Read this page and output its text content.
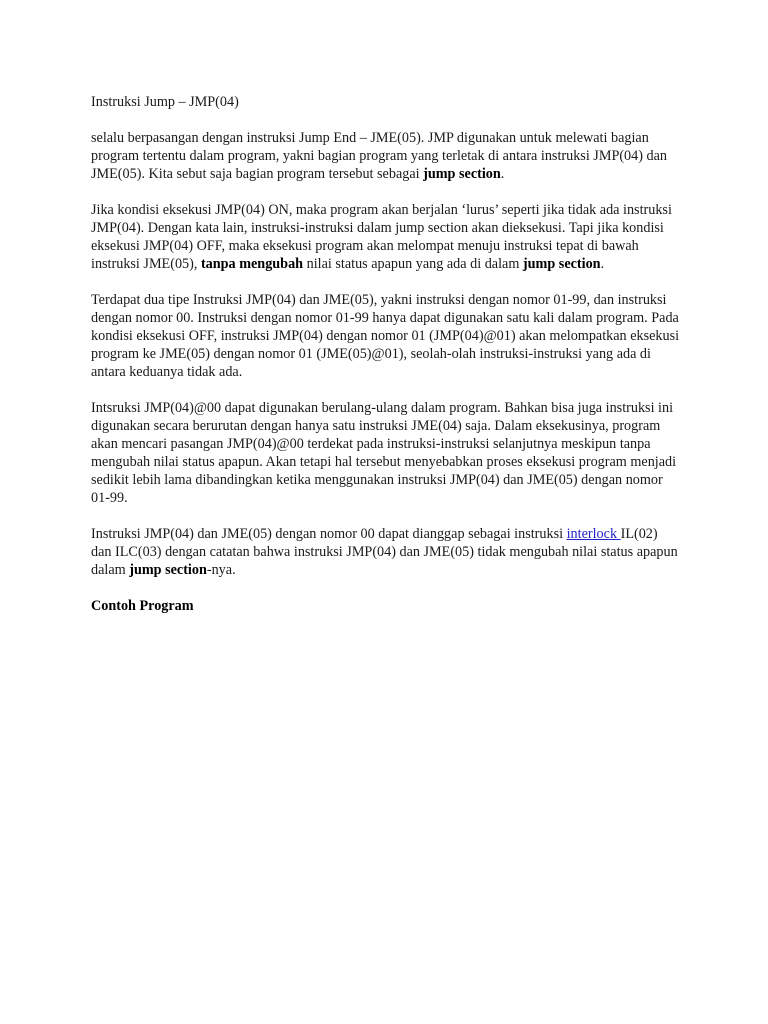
Instruksi Jump – JMP(04)

selalu berpasangan dengan instruksi Jump End – JME(05). JMP digunakan untuk melewati bagian program tertentu dalam program, yakni bagian program yang terletak di antara instruksi JMP(04) dan JME(05). Kita sebut saja bagian program tersebut sebagai jump section.

Jika kondisi eksekusi JMP(04) ON, maka program akan berjalan ‘lurus’ seperti jika tidak ada instruksi JMP(04). Dengan kata lain, instruksi-instruksi dalam jump section akan dieksekusi. Tapi jika kondisi eksekusi JMP(04) OFF, maka eksekusi program akan melompat menuju instruksi tepat di bawah instruksi JME(05), tanpa mengubah nilai status apapun yang ada di dalam jump section.

Terdapat dua tipe Instruksi JMP(04) dan JME(05), yakni instruksi dengan nomor 01-99, dan instruksi dengan nomor 00. Instruksi dengan nomor 01-99 hanya dapat digunakan satu kali dalam program. Pada kondisi eksekusi OFF, instruksi JMP(04) dengan nomor 01 (JMP(04)@01) akan melompatkan eksekusi program ke JME(05) dengan nomor 01 (JME(05)@01), seolah-olah instruksi-instruksi yang ada di antara keduanya tidak ada.

Intsruksi JMP(04)@00 dapat digunakan berulang-ulang dalam program. Bahkan bisa juga instruksi ini digunakan secara berurutan dengan hanya satu instruksi JME(04) saja. Dalam eksekusinya, program akan mencari pasangan JMP(04)@00 terdekat pada instruksi-instruksi selanjutnya meskipun tanpa mengubah nilai status apapun. Akan tetapi hal tersebut menyebabkan proses eksekusi program menjadi sedikit lebih lama dibandingkan ketika menggunakan instruksi JMP(04) dan JME(05) dengan nomor 01-99.

Instruksi JMP(04) dan JME(05) dengan nomor 00 dapat dianggap sebagai instruksi interlock IL(02) dan ILC(03) dengan catatan bahwa instruksi JMP(04) dan JME(05) tidak mengubah nilai status apapun dalam jump section-nya.

Contoh Program
